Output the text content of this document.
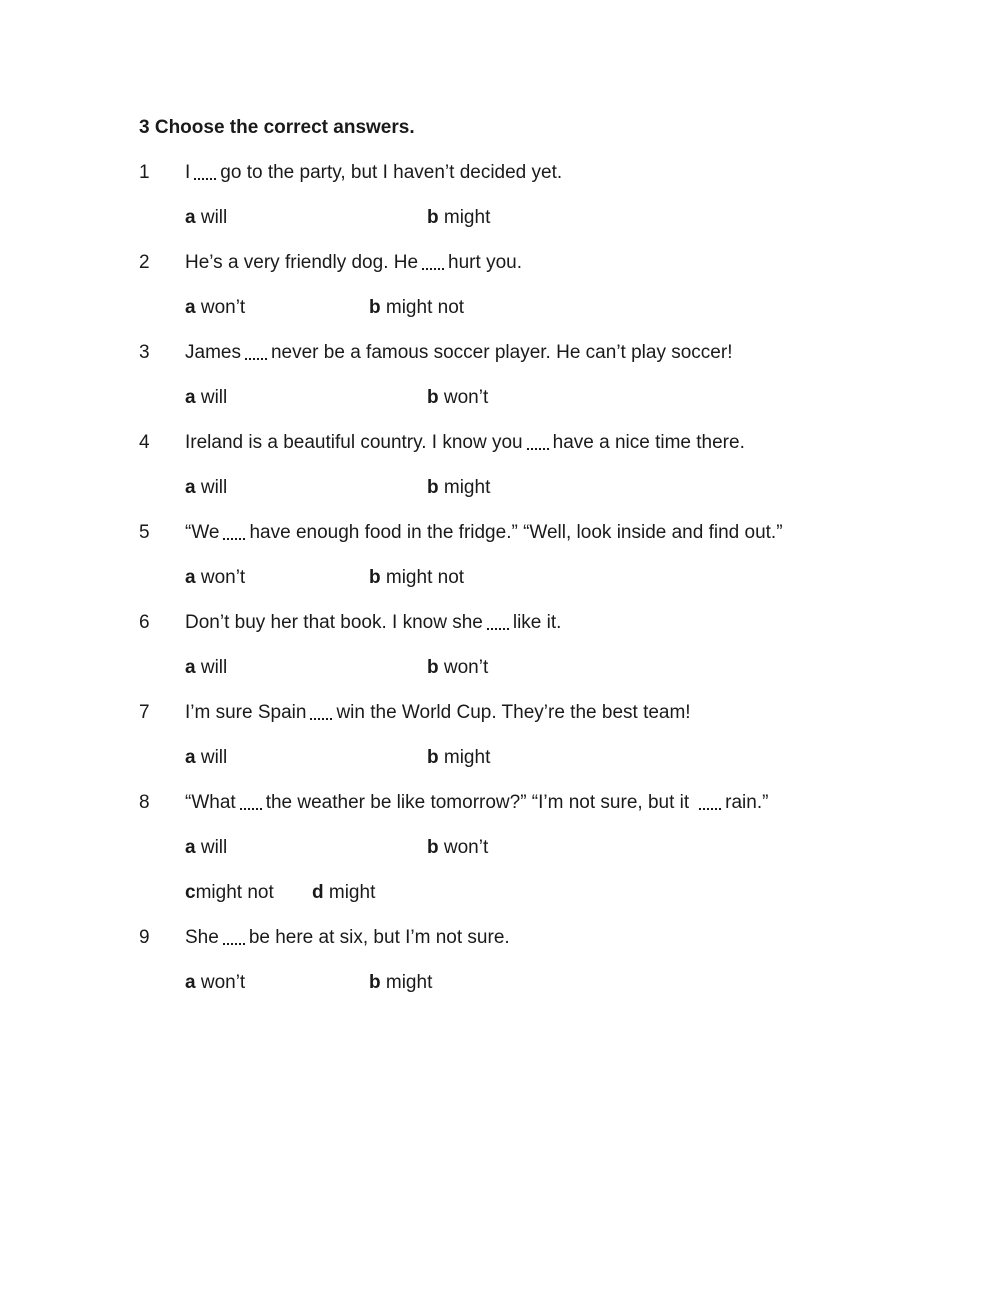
3 Choose the correct answers.
1 I go to the party, but I haven’t decided yet.
a will	b might
2 He’s a very friendly dog. He hurt you.
a won’t	b might not
3 James never be a famous soccer player. He can’t play soccer!
a will	b won’t
4 Ireland is a beautiful country. I know you have a nice time there.
a will	b might
5 “We have enough food in the fridge.” “Well, look inside and find out.”
a won’t	b might not
6 Don’t buy her that book. I know she like it.
a will	b won’t
7 I’m sure Spain win the World Cup. They’re the best team!
a will	b might
8 “What the weather be like tomorrow?” “I’m not sure, but it rain.”
a will	b won’t
cmight not d might
9 She be here at six, but I’m not sure.
a won’t	b might
